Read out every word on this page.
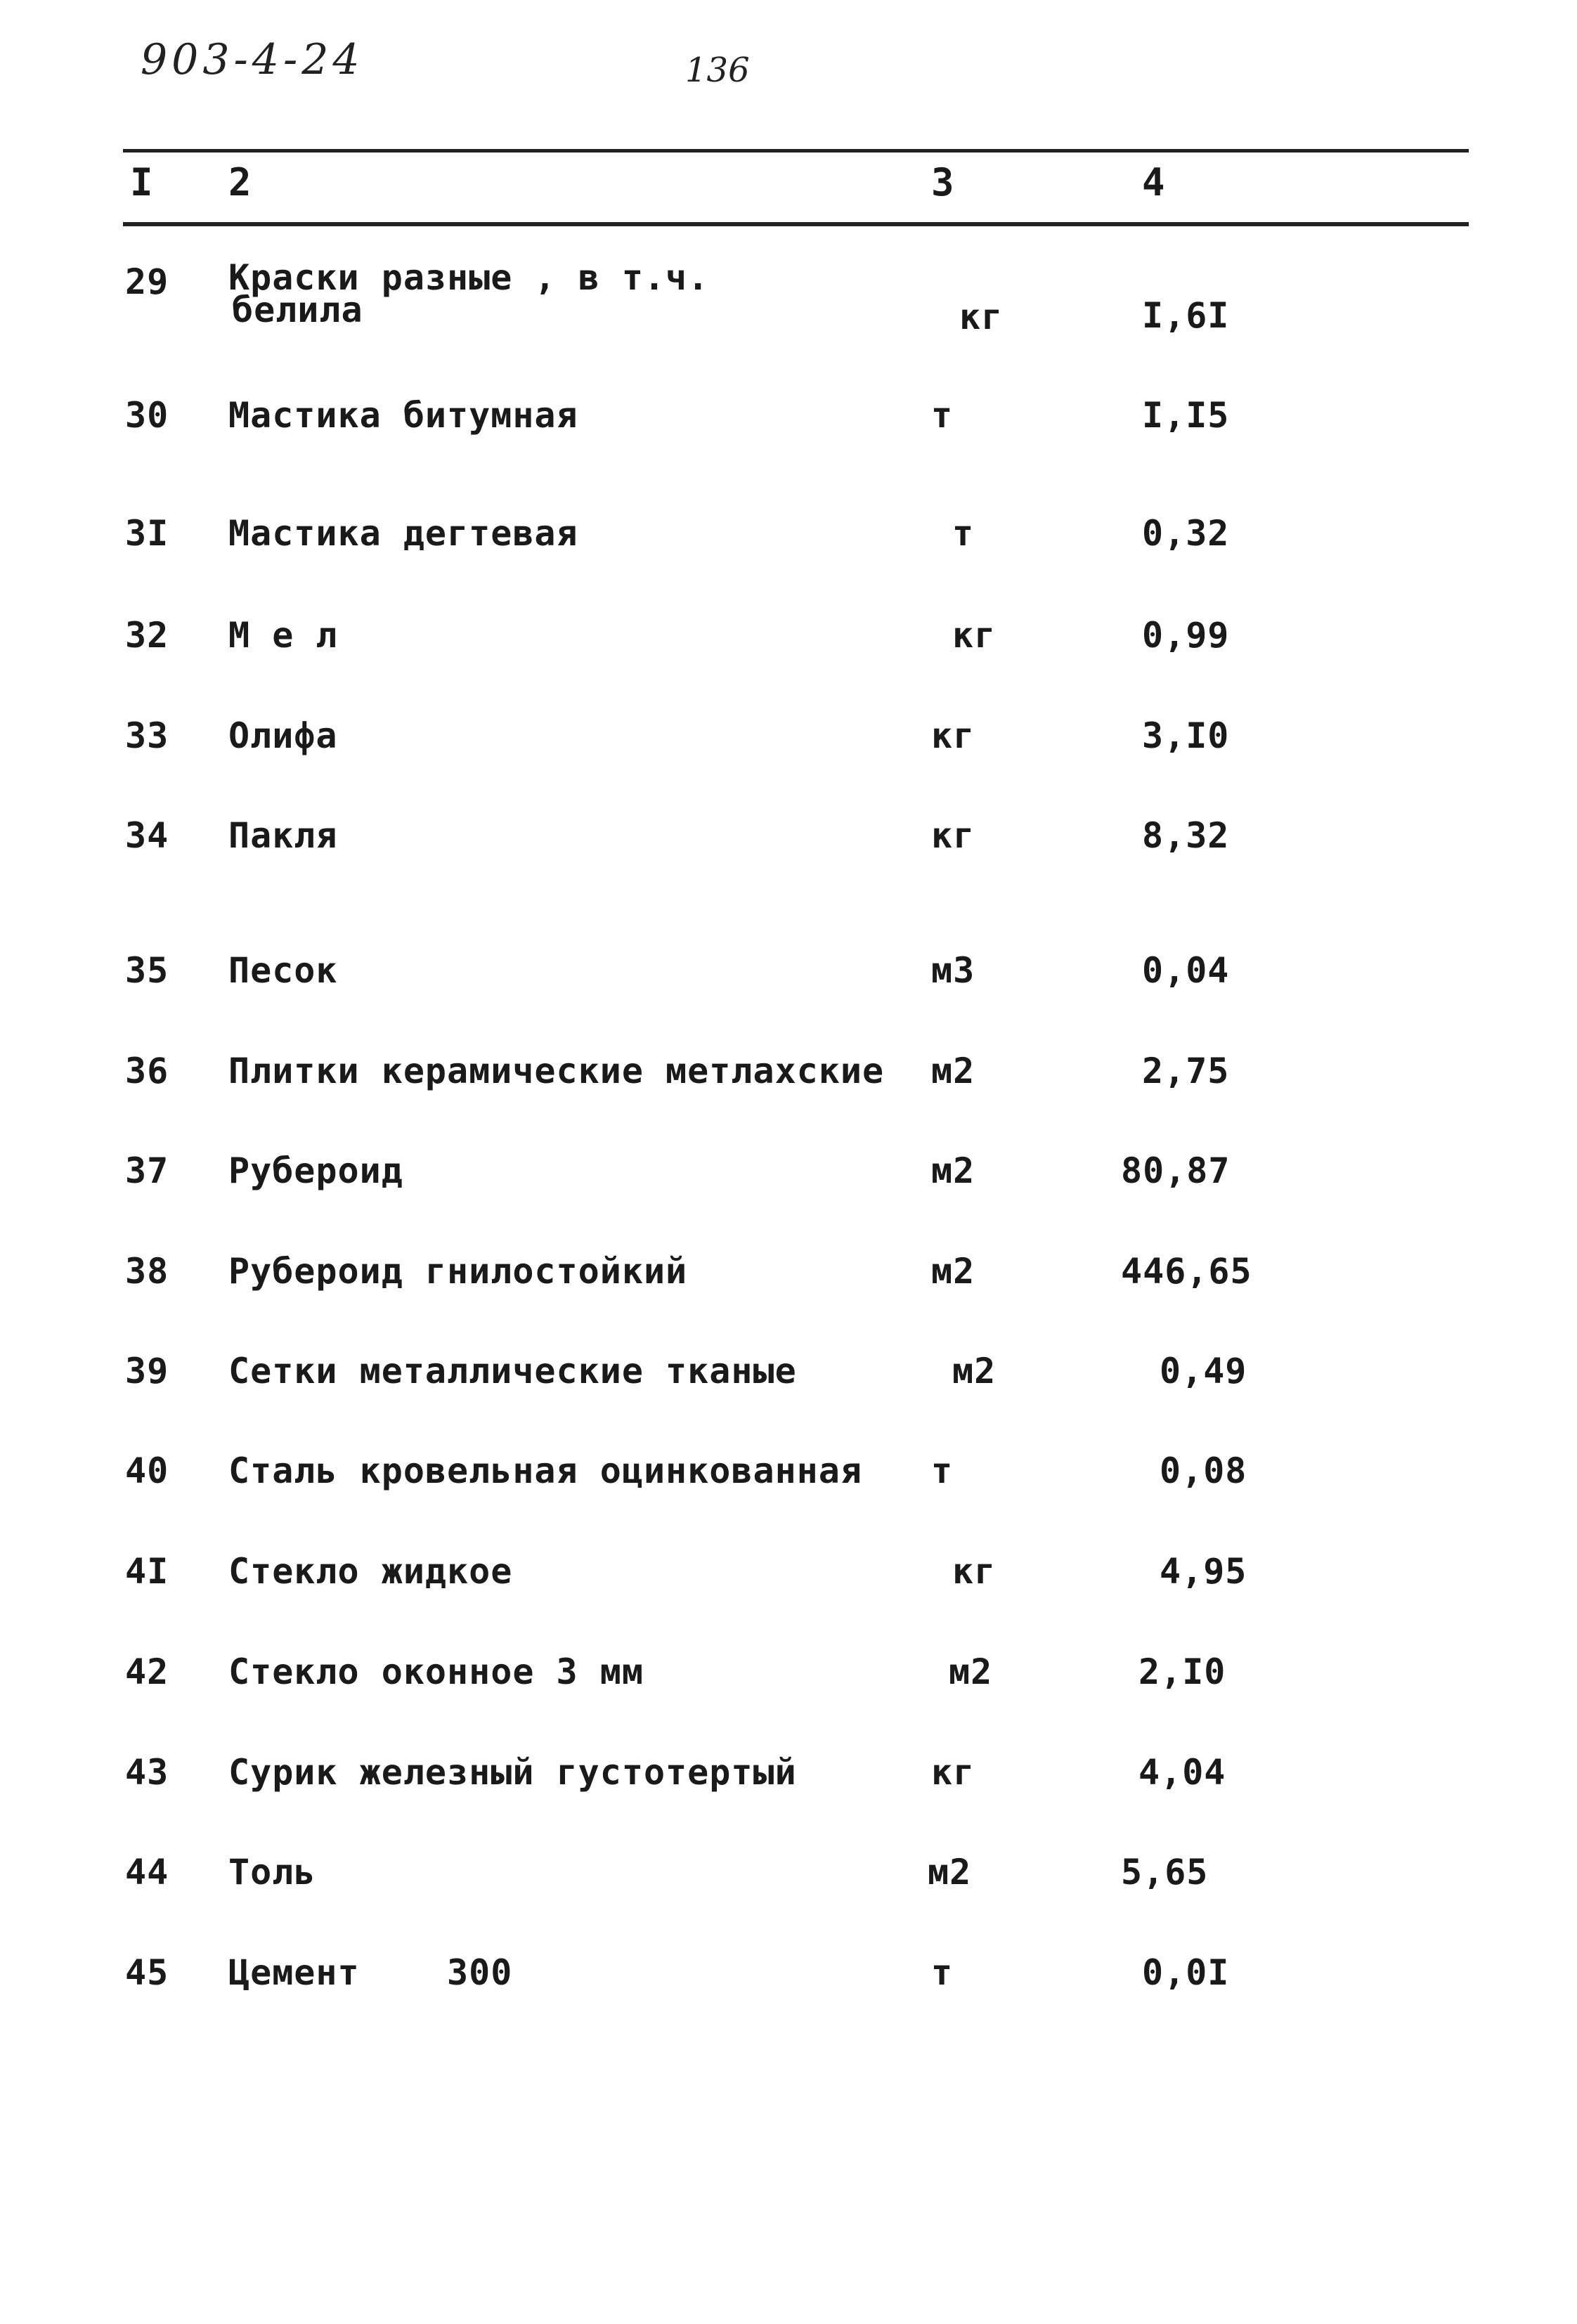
903-4-24	136
I 2	3	4
29 Краски разные , в т.ч.
белила	кг	I,6I
30 Мастика битумная	т	I,I5
3I Мастика дегтевая	т	0,32
32 М е л	кг	0,99
33 Олифа	кг	3,I0
34 Пакля	кг	8,32
35 Песок	м3	0,04
36 Плитки керамические метлахские м2	2,75
37 Рубероид	м2	80,87
38 Рубероид гнилостойкий	м2	446,65
39 Сетки металлические тканые	м2	0,49
40 Сталь кровельная оцинкованная т	0,08
4I Стекло жидкое	кг	4,95
42 Стекло оконное 3 мм	м2	2,I0
43 Сурик железный густотертый	кг	4,04
44 Толь	м2	5,65
45 Цемент    300	т	0,0I
